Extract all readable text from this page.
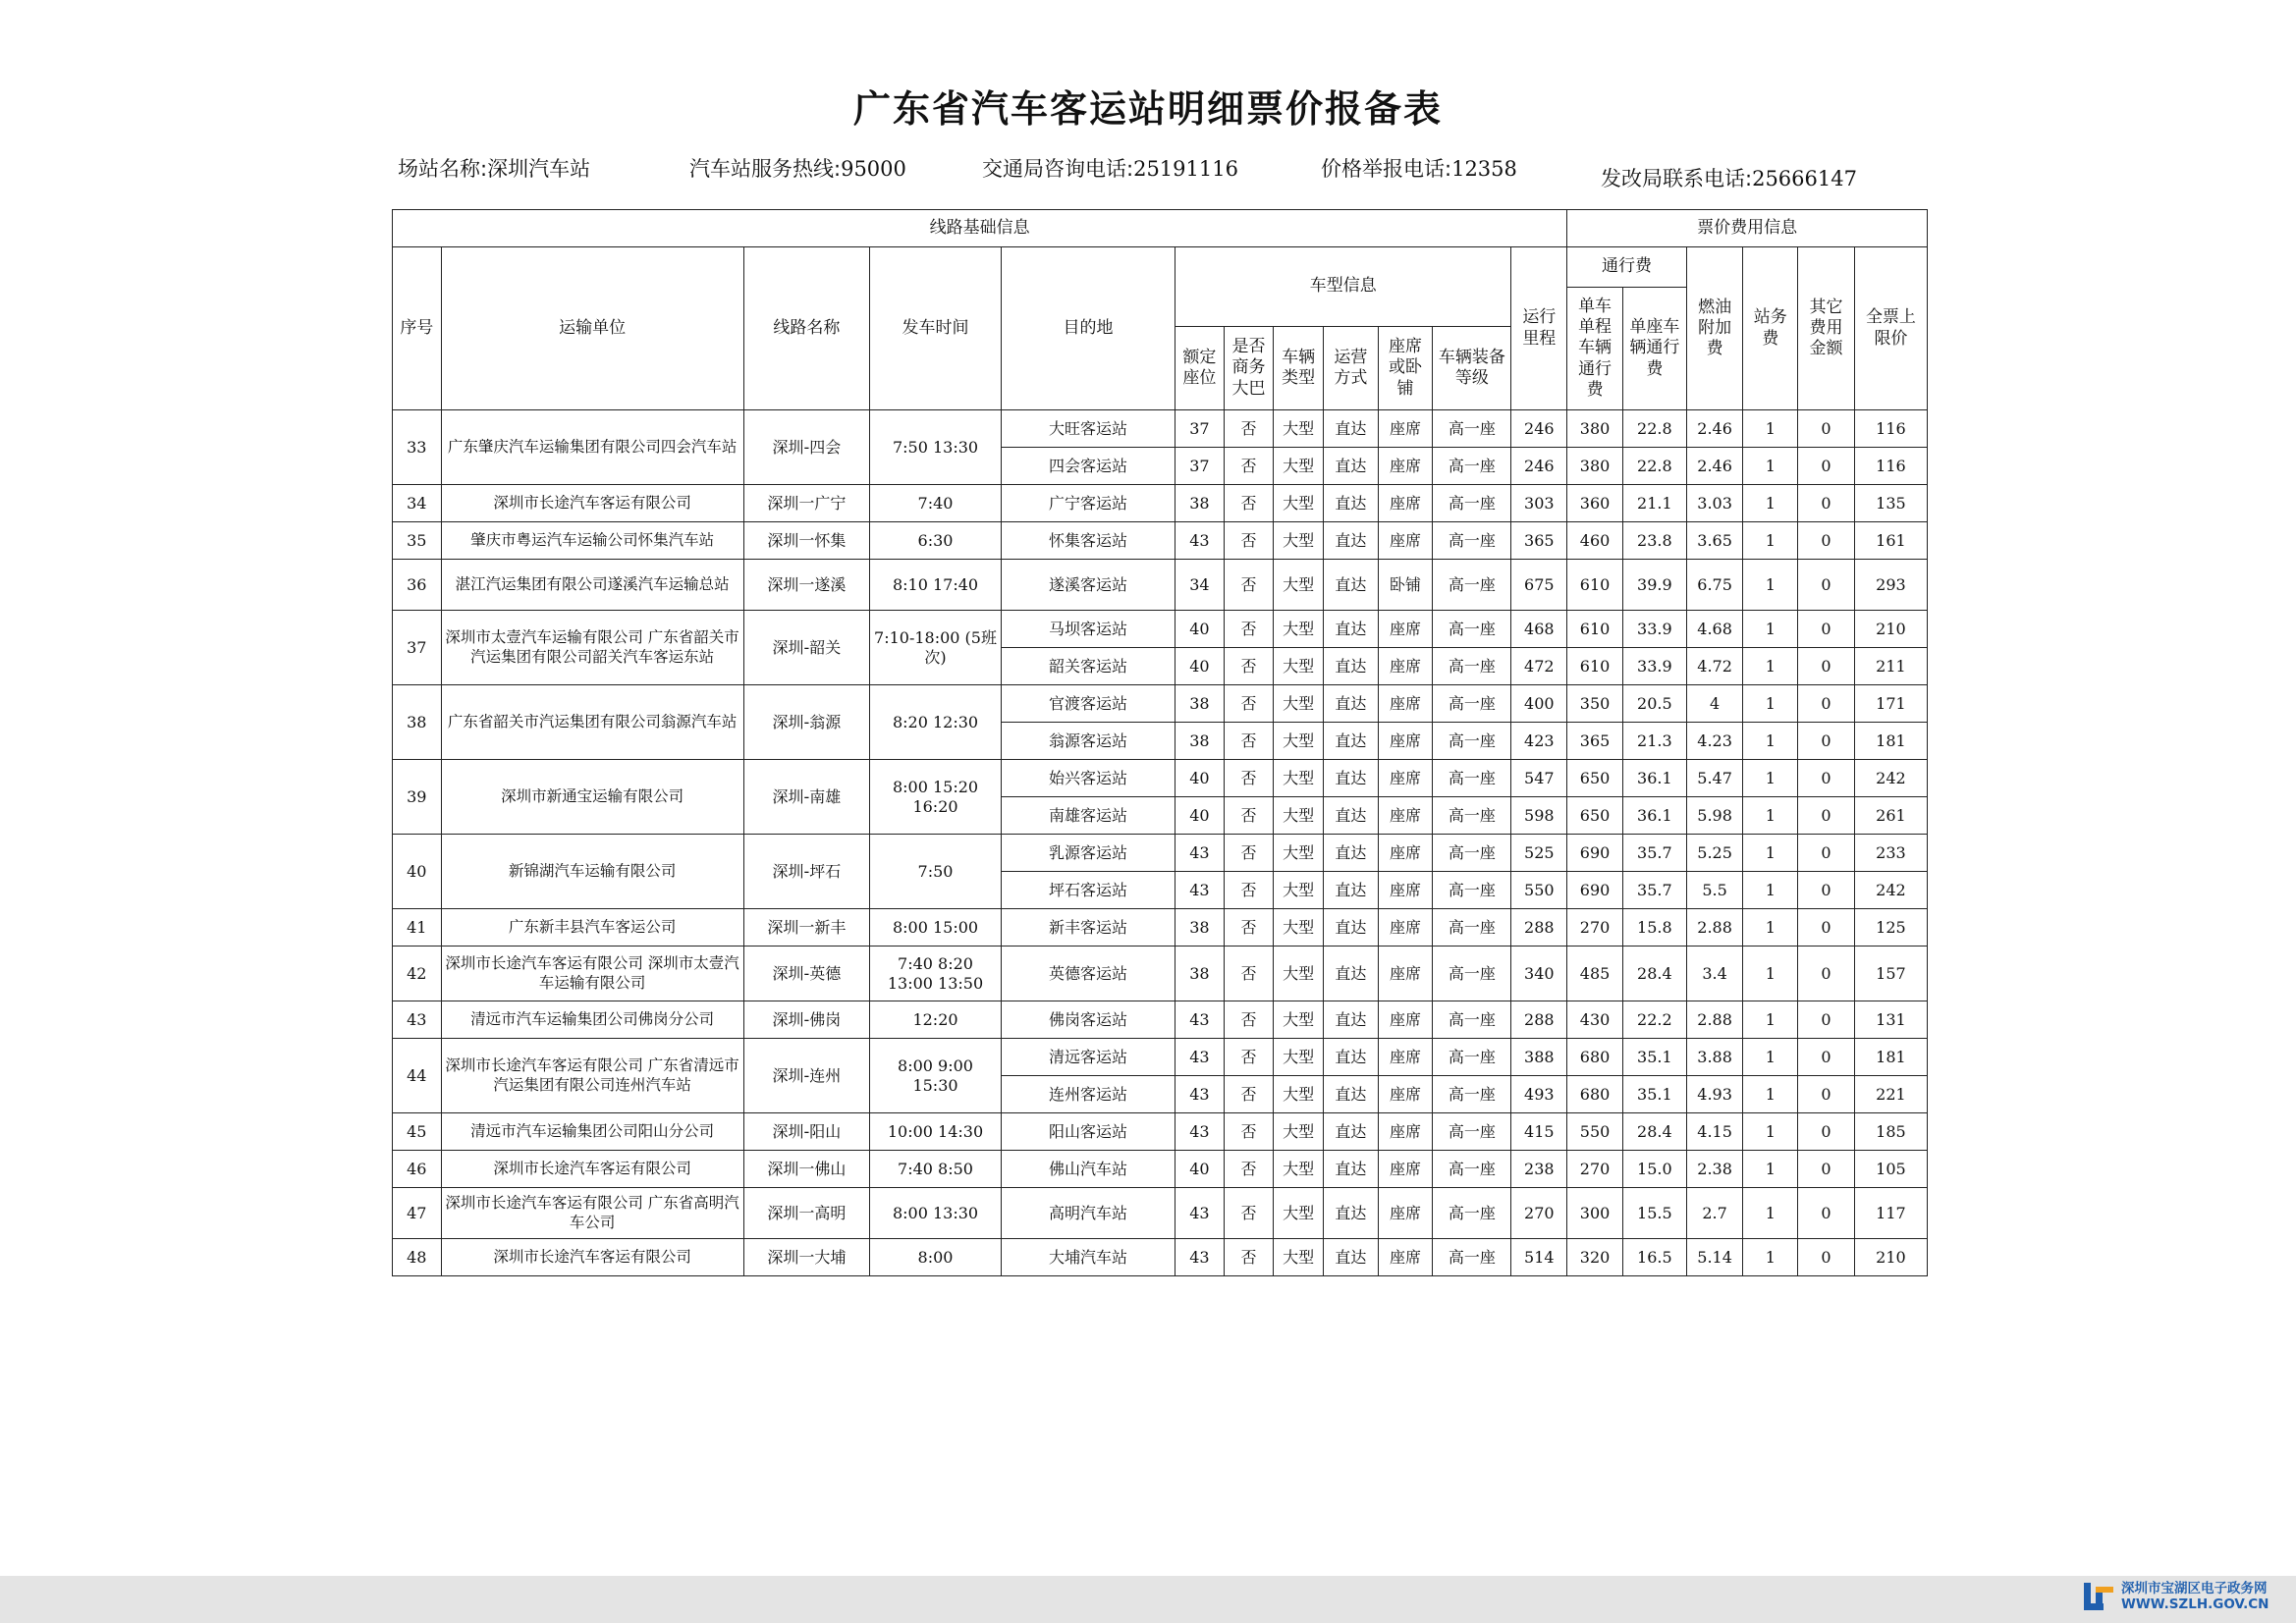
广东省汽车客运站明细票价报备表
场站名称:深圳汽车站	汽车站服务热线:95000	交通局咨询电话:25191116	价格举报电话:12358	发改局联系电话:25666147
线路基础信息												票价费用信息					
序号	运输单位	线路名称	发车时间	目的地	车型信息						运行里程	通行费		燃油附加费	站务费	其它费用金额	全票上限价
												单车单程车辆通行费	单座车辆通行费				
					额定座位	是否商务大巴	车辆类型	运营方式	座席或卧铺	车辆装备等级							
33	广东肇庆汽车运输集团有限公司四会汽车站	深圳-四会	7:50 13:30	大旺客运站	37	否	大型	直达	座席	高一座	246	380	22.8	2.46	1	0	116
				四会客运站	37	否	大型	直达	座席	高一座	246	380	22.8	2.46	1	0	116
34	深圳市长途汽车客运有限公司	深圳一广宁	7:40	广宁客运站	38	否	大型	直达	座席	高一座	303	360	21.1	3.03	1	0	135
35	肇庆市粤运汽车运输公司怀集汽车站	深圳一怀集	6:30	怀集客运站	43	否	大型	直达	座席	高一座	365	460	23.8	3.65	1	0	161
36	湛江汽运集团有限公司遂溪汽车运输总站	深圳一遂溪	8:10 17:40	遂溪客运站	34	否	大型	直达	卧铺	高一座	675	610	39.9	6.75	1	0	293
37	深圳市太壹汽车运输有限公司 广东省韶关市汽运集团有限公司韶关汽车客运东站	深圳-韶关	7:10-18:00 (5班次)	马坝客运站	40	否	大型	直达	座席	高一座	468	610	33.9	4.68	1	0	210
				韶关客运站	40	否	大型	直达	座席	高一座	472	610	33.9	4.72	1	0	211
38	广东省韶关市汽运集团有限公司翁源汽车站	深圳-翁源	8:20 12:30	官渡客运站	38	否	大型	直达	座席	高一座	400	350	20.5	4	1	0	171
				翁源客运站	38	否	大型	直达	座席	高一座	423	365	21.3	4.23	1	0	181
39	深圳市新通宝运输有限公司	深圳-南雄	8:00 15:20 16:20	始兴客运站	40	否	大型	直达	座席	高一座	547	650	36.1	5.47	1	0	242
				南雄客运站	40	否	大型	直达	座席	高一座	598	650	36.1	5.98	1	0	261
40	新锦湖汽车运输有限公司	深圳-坪石	7:50	乳源客运站	43	否	大型	直达	座席	高一座	525	690	35.7	5.25	1	0	233
				坪石客运站	43	否	大型	直达	座席	高一座	550	690	35.7	5.5	1	0	242
41	广东新丰县汽车客运公司	深圳一新丰	8:00 15:00	新丰客运站	38	否	大型	直达	座席	高一座	288	270	15.8	2.88	1	0	125
42	深圳市长途汽车客运有限公司 深圳市太壹汽车运输有限公司	深圳-英德	7:40 8:20 13:00 13:50	英德客运站	38	否	大型	直达	座席	高一座	340	485	28.4	3.4	1	0	157
43	清远市汽车运输集团公司佛岗分公司	深圳-佛岗	12:20	佛岗客运站	43	否	大型	直达	座席	高一座	288	430	22.2	2.88	1	0	131
44	深圳市长途汽车客运有限公司 广东省清远市汽运集团有限公司连州汽车站	深圳-连州	8:00 9:00 15:30	清远客运站	43	否	大型	直达	座席	高一座	388	680	35.1	3.88	1	0	181
				连州客运站	43	否	大型	直达	座席	高一座	493	680	35.1	4.93	1	0	221
45	清远市汽车运输集团公司阳山分公司	深圳-阳山	10:00 14:30	阳山客运站	43	否	大型	直达	座席	高一座	415	550	28.4	4.15	1	0	185
46	深圳市长途汽车客运有限公司	深圳一佛山	7:40 8:50	佛山汽车站	40	否	大型	直达	座席	高一座	238	270	15.0	2.38	1	0	105
47	深圳市长途汽车客运有限公司 广东省高明汽车公司	深圳一高明	8:00 13:30	高明汽车站	43	否	大型	直达	座席	高一座	270	300	15.5	2.7	1	0	117
48	深圳市长途汽车客运有限公司	深圳一大埔	8:00	大埔汽车站	43	否	大型	直达	座席	高一座	514	320	16.5	5.14	1	0	210
深圳市宝湖区电子政务网
WWW.SZLH.GOV.CN
